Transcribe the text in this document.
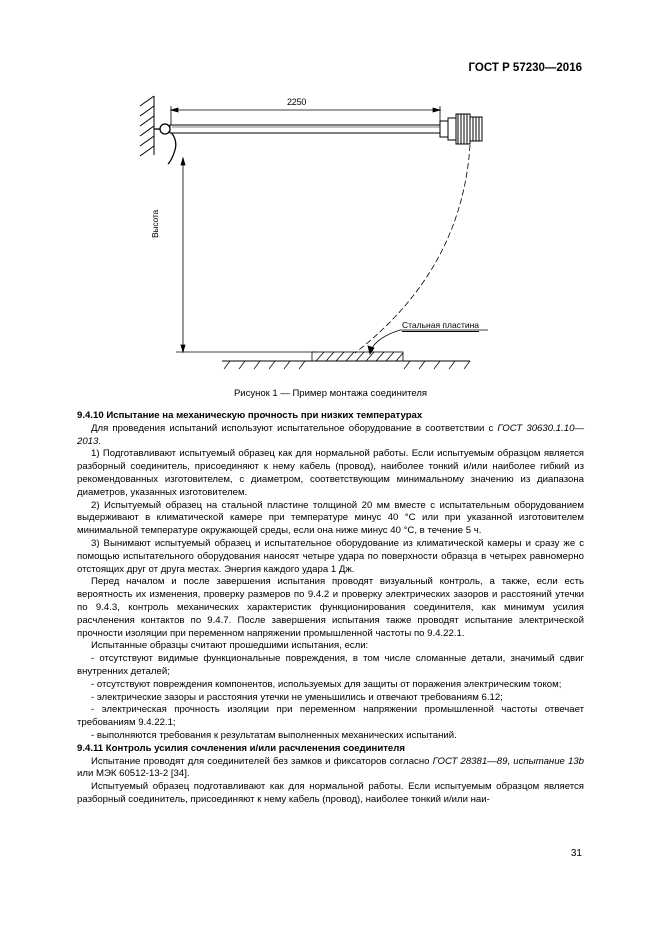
ГОСТ Р 57230—2016
2250
Высота
Стальная пластина
Рисунок 1 — Пример монтажа соединителя

9.4.10 Испытание на механическую прочность при низких температурах

Для проведения испытаний используют испытательное оборудование в соответствии с ГОСТ 30630.1.10—2013.

1) Подготавливают испытуемый образец как для нормальной работы. Если испытуемым образцом является разборный соединитель, присоединяют к нему кабель (провод), наиболее тонкий и/или наиболее гибкий из рекомендованных изготовителем, с диаметром, соответствующим минимальному значению из диапазона диаметров, указанных изготовителем.

2) Испытуемый образец на стальной пластине толщиной 20 мм вместе с испытательным оборудованием выдерживают в климатической камере при температуре минус 40 °C или при указанной изготовителем минимальной температуре окружающей среды, если она ниже минус 40 °C, в течение 5 ч.

3) Вынимают испытуемый образец и испытательное оборудование из климатической камеры и сразу же с помощью испытательного оборудования наносят четыре удара по поверхности образца в четырех равномерно отстоящих друг от друга местах. Энергия каждого удара 1 Дж.

Перед началом и после завершения испытания проводят визуальный контроль, а также, если есть вероятность их изменения, проверку размеров по 9.4.2 и проверку электрических зазоров и расстояний утечки по 9.4.3, контроль механических характеристик функционирования соединителя, как минимум усилия расчленения контактов по 9.4.7. После завершения испытания также проводят испытание электрической прочности изоляции при переменном напряжении промышленной частоты по 9.4.22.1.

Испытанные образцы считают прошедшими испытания, если:

- отсутствуют видимые функциональные повреждения, в том числе сломанные детали, значимый сдвиг внутренних деталей;

- отсутствуют повреждения компонентов, используемых для защиты от поражения электрическим током;

- электрические зазоры и расстояния утечки не уменьшились и отвечают требованиям 6.12;

- электрическая прочность изоляции при переменном напряжении промышленной частоты отвечает требованиям 9.4.22.1;

- выполняются требования к результатам выполненных механических испытаний.

9.4.11 Контроль усилия сочленения и/или расчленения соединителя

Испытание проводят для соединителей без замков и фиксаторов согласно ГОСТ 28381—89, испытание 13b или МЭК 60512-13-2 [34].

Испытуемый образец подготавливают как для нормальной работы. Если испытуемым образцом является разборный соединитель, присоединяют к нему кабель (провод), наиболее тонкий и/или наи-

31
